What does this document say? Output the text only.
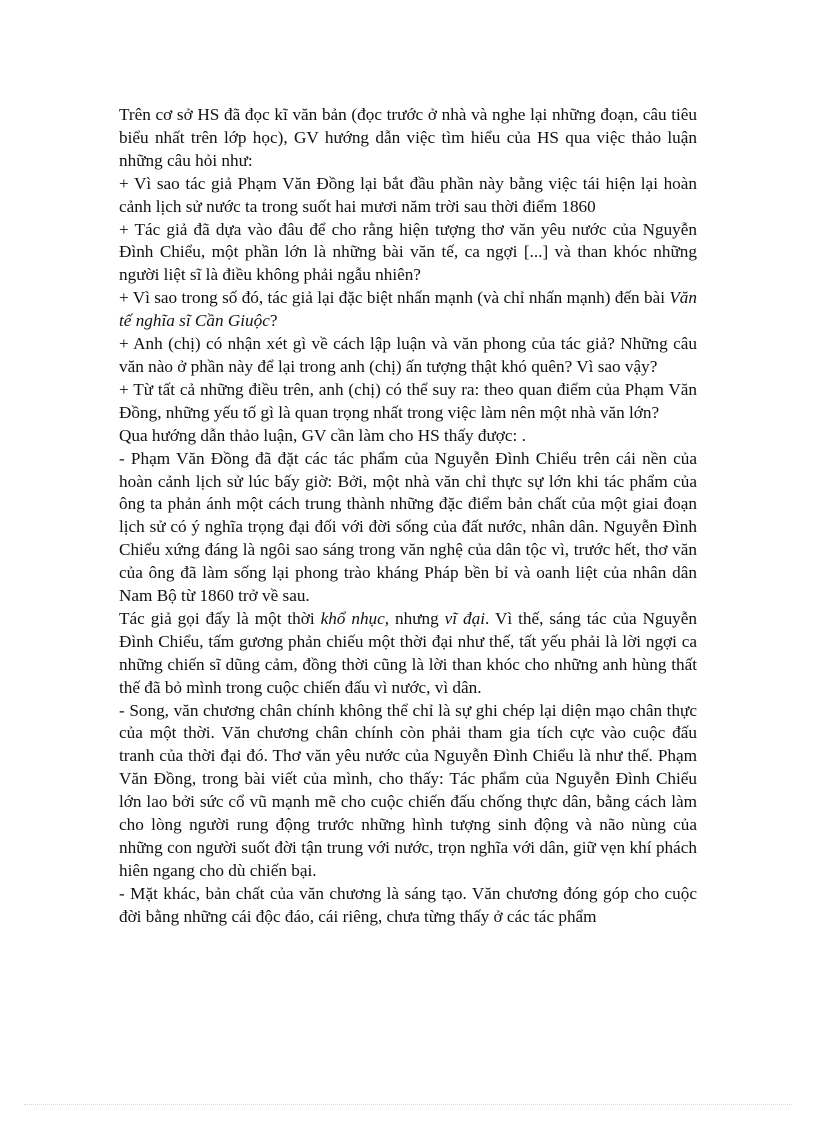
Trên cơ sở HS đã đọc kĩ văn bản (đọc trước ở nhà và nghe lại những đoạn, câu tiêu biểu nhất trên lớp học), GV hướng dẫn việc tìm hiểu của HS qua việc thảo luận những câu hỏi như:

+ Vì sao tác giả Phạm Văn Đồng lại bắt đầu phần này bằng việc tái hiện lại hoàn cảnh lịch sử nước ta trong suốt hai mươi năm trời sau thời điểm 1860

+ Tác giả đã dựa vào đâu để cho rằng hiện tượng thơ văn yêu nước của Nguyễn Đình Chiểu, một phần lớn là những bài văn tế, ca ngợi [...] và than khóc những người liệt sĩ là điều không phải ngẫu nhiên?

+ Vì sao trong số đó, tác giả lại đặc biệt nhấn mạnh (và chỉ nhấn mạnh) đến bài Văn tế nghĩa sĩ Cần Giuộc?

+ Anh (chị) có nhận xét gì về cách lập luận và văn phong của tác giả? Những câu văn nào ở phần này để lại trong anh (chị) ấn tượng thật khó quên? Vì sao vậy?

+ Từ tất cả những điều trên, anh (chị) có thể suy ra: theo quan điểm của Phạm Văn Đồng, những yếu tố gì là quan trọng nhất trong việc làm nên một nhà văn lớn?

Qua hướng dẫn thảo luận, GV cần làm cho HS thấy được: .

- Phạm Văn Đồng đã đặt các tác phẩm của Nguyễn Đình Chiểu trên cái nền của hoàn cảnh lịch sử lúc bấy giờ: Bởi, một nhà văn chỉ thực sự lớn khi tác phẩm của ông ta phản ánh một cách trung thành những đặc điểm bản chất của một giai đoạn lịch sử có ý nghĩa trọng đại đối với đời sống của đất nước, nhân dân. Nguyễn Đình Chiểu xứng đáng là ngôi sao sáng trong văn nghệ của dân tộc vì, trước hết, thơ văn của ông đã làm sống lại phong trào kháng Pháp bền bỉ và oanh liệt của nhân dân Nam Bộ từ 1860 trở về sau.

Tác giả gọi đấy là một thời khổ nhục, nhưng vĩ đại. Vì thế, sáng tác của Nguyễn Đình Chiểu, tấm gương phản chiếu một thời đại như thế, tất yếu phải là lời ngợi ca những chiến sĩ dũng cảm, đồng thời cũng là lời than khóc cho những anh hùng thất thế đã bỏ mình trong cuộc chiến đấu vì nước, vì dân.

- Song, văn chương chân chính không thể chỉ là sự ghi chép lại diện mạo chân thực của một thời. Văn chương chân chính còn phải tham gia tích cực vào cuộc đấu tranh của thời đại đó. Thơ văn yêu nước của Nguyễn Đình Chiểu là như thế. Phạm Văn Đồng, trong bài viết của mình, cho thấy: Tác phẩm của Nguyễn Đình Chiểu lớn lao bởi sức cổ vũ mạnh mẽ cho cuộc chiến đấu chống thực dân, bằng cách làm cho lòng người rung động trước những hình tượng sinh động và não nùng của những con người suốt đời tận trung với nước, trọn nghĩa với dân, giữ vẹn khí phách hiên ngang cho dù chiến bại.

- Mặt khác, bản chất của văn chương là sáng tạo. Văn chương đóng góp cho cuộc đời bằng những cái độc đáo, cái riêng, chưa từng thấy ở các tác phẩm
